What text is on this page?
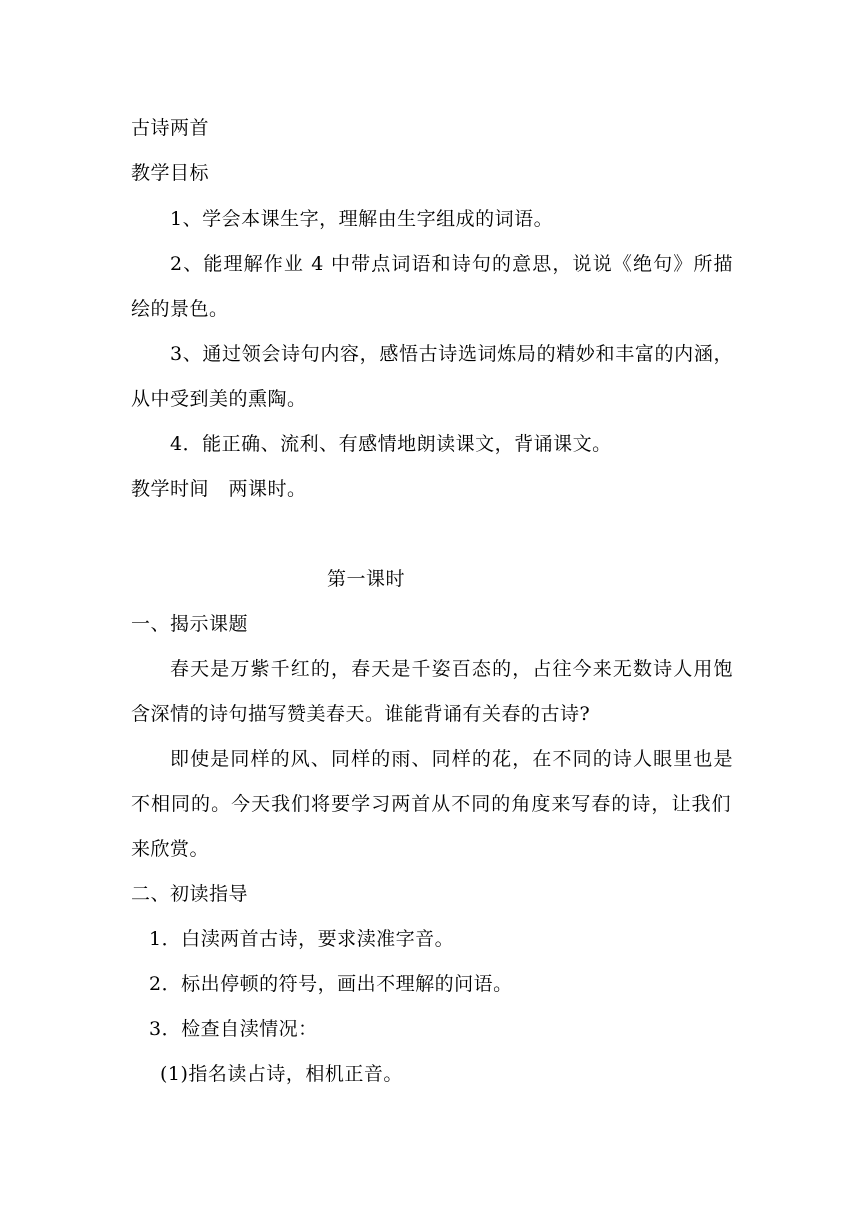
古诗两首
教学目标
1、学会本课生字，理解由生字组成的词语。
2、能理解作业 4 中带点词语和诗句的意思，说说《绝句》所描
绘的景色。
3、通过领会诗句内容，感悟古诗选词炼局的精妙和丰富的内涵，
从中受到美的熏陶。
4．能正确、流利、有感情地朗读课文，背诵课文。
教学时间　两课时。
第一课时
一、揭示课题
春天是万紫千红的，春天是千姿百态的，占往今来无数诗人用饱
含深情的诗句描写赞美春天。谁能背诵有关春的古诗?
即使是同样的风、同样的雨、同样的花，在不同的诗人眼里也是
不相同的。今天我们将要学习两首从不同的角度来写春的诗，让我们
来欣赏。
二、初读指导
1．白渎两首古诗，要求渎准字音。
2．标出停顿的符号，画出不理解的问语。
3．检查自渎情况：
(1)指名读占诗，相机正音。
